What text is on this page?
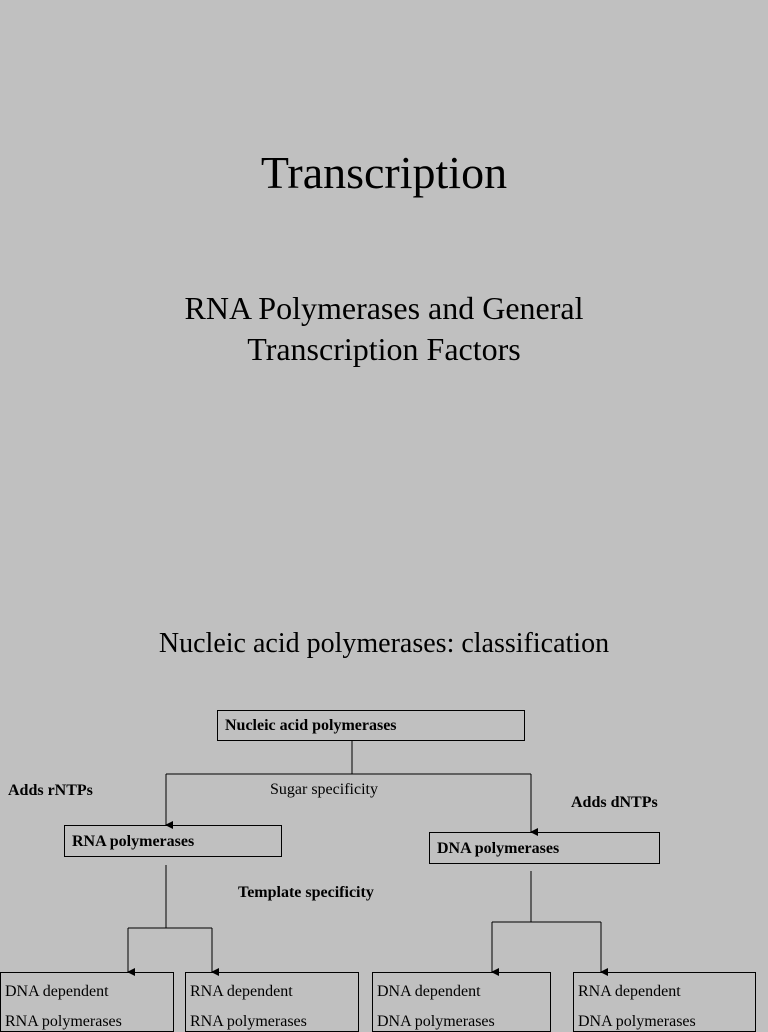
Transcription
RNA Polymerases and General
Transcription Factors
Nucleic acid polymerases: classification
Nucleic acid polymerases
Sugar specificity
Adds rNTPs
Adds dNTPs
RNA polymerases	DNA polymerases
Template specificity
DNA dependent
RNA polymerases
RNA dependent
RNA polymerases
DNA dependent
DNA polymerases
RNA dependent
DNA polymerases
